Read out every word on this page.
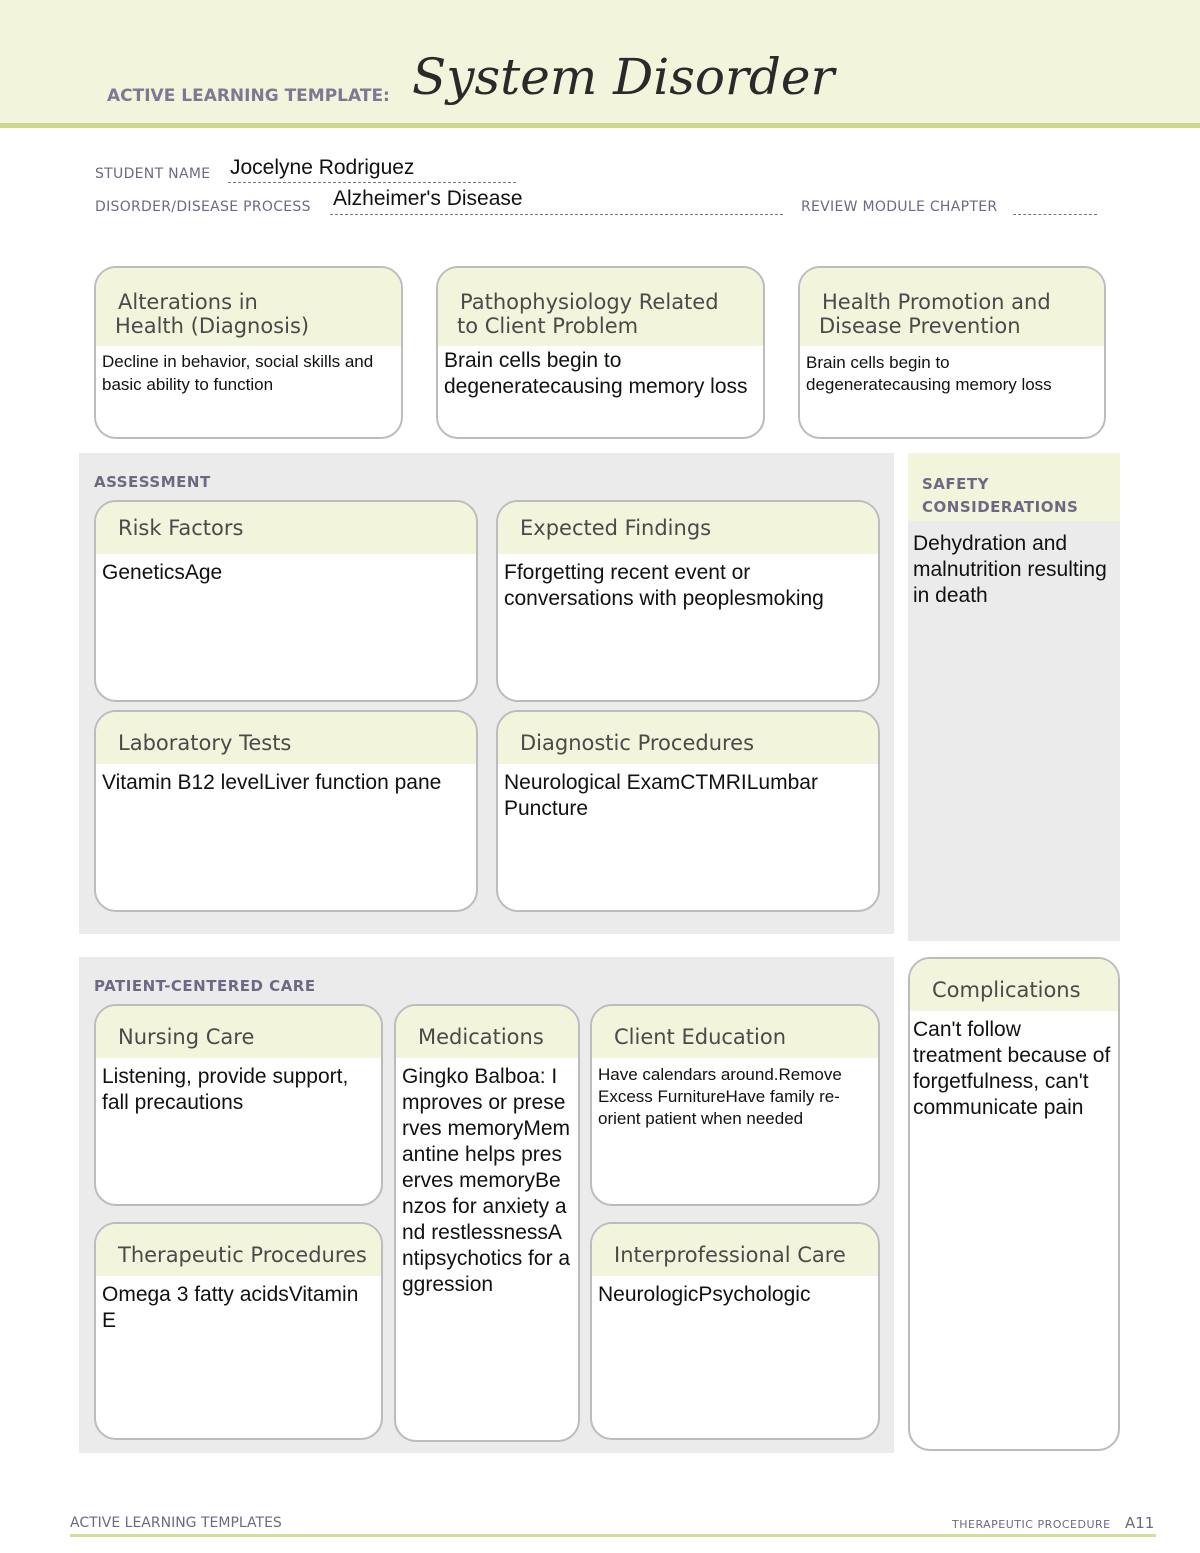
ACTIVE LEARNING TEMPLATE: System Disorder
STUDENT NAME Jocelyne Rodriguez
DISORDER/DISEASE PROCESS Alzheimer's Disease	REVIEW MODULE CHAPTER
Alterations in
Health (Diagnosis)
Decline in behavior, social skills and basic ability to function
Pathophysiology Related
to Client Problem
Brain cells begin to degeneratecausing memory loss
Health Promotion and
Disease Prevention
Brain cells begin to degeneratecausing memory loss
ASSESSMENT
Risk Factors
GeneticsAge
Expected Findings
Fforgetting recent event or conversations with peoplesmoking
Laboratory Tests
Vitamin B12 levelLiver function pane
Diagnostic Procedures
Neurological ExamCTMRILumbar Puncture
SAFETY
CONSIDERATIONS
Dehydration and malnutrition resulting in death
PATIENT-CENTERED CARE
Nursing Care
Listening, provide support, fall precautions
Medications
Gingko Balboa: Improves or preserves memoryMemantine helps preserves memoryBenzos for anxiety and restlessnessAntipsychotics for aggression
Client Education
Have calendars around.Remove Excess FurnitureHave family re-orient patient when needed
Therapeutic Procedures
Omega 3 fatty acidsVitamin E
Interprofessional Care
NeurologicPsychologic
Complications
Can't follow treatment because of forgetfulness, can't communicate pain
ACTIVE LEARNING TEMPLATES	THERAPEUTIC PROCEDURE A11
